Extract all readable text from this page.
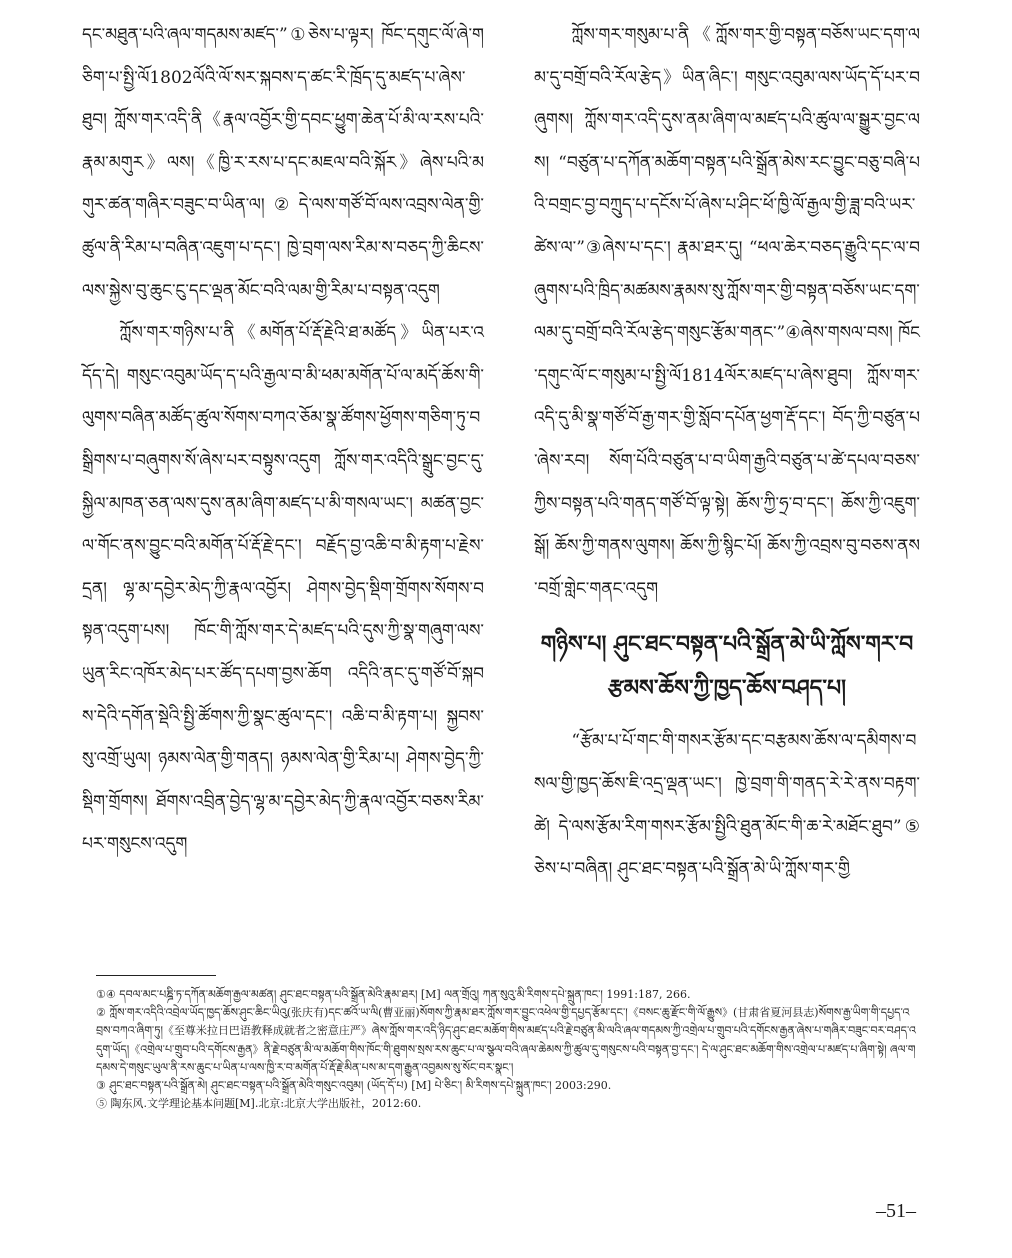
དང་མཐུན་པའི་ཞལ་གདམས་མཛད་”①ཅེས་པ་ལྟར། ཁོང་དགུང་ལོ་ཞེ་གཅིག་པ་སྤྱི་ལོ1802ལོའི་ལོ་སར་སྐབས་ད་ཚང་རི་ཁྲོད་དུ་མཛད་པ་ཞེས་ཐུབ། ཀློས་གར་འདི་ནི《རྣལ་འབྱོར་གྱི་དབང་ཕྱུག་ཆེན་པོ་མི་ལ་རས་པའི་རྣམ་མགུར》ལས།《ཁྱི་ར་རས་པ་དང་མཇལ་བའི་སྐོར》ཞེས་པའི་མགུར་ཚན་གཞིར་བཟུང་བ་ཡིན་ལ།②དེ་ལས་གཙོ་བོ་ལས་འབྲས་ལེན་གྱི་ཚུལ་ནི་རིམ་པ་བཞིན་འཇུག་པ་དང་། ཁྱེ་བྲག་ལས་རིམ་ས་བཅད་ཀྱི་ཆིངས་ལས་སྐྱེས་བུ་ཆུང་ངུ་དང་ལྡན་མོང་བའི་ལམ་གྱི་རིམ་པ་བསྟན་འདུག

ཀློས་གར་གཉིས་པ་ནི《མགོན་པོ་རྡོ་རྗེའི་ཐ་མཚོད》ཡིན་པར་འདོད་དེ། གསུང་འབུམ་ཡོད་ད་པའི་རྒྱལ་བ་མི་ཕམ་མགོན་པོ་ལ་མདོ་ཆོས་གི་ལུགས་བཞིན་མཚོད་ཚུལ་སོགས་བཀའ་ཅོམ་སྣ་ཚོགས་ཕྱོགས་གཅིག་ཏུ་བསྒྲིགས་པ་བཞུགས་སོ་ཞེས་པར་བསྟུས་འདུག ཀློས་གར་འདིའི་སྒྲུང་བྱང་དུ་སྐྱིལ་མཁན་ཅན་ལས་དུས་ནམ་ཞིག་མཛད་པ་མི་གསལ་ཡང་། མཚན་བྱང་ལ་གོང་ནས་བྱུང་བའི་མགོན་པོ་རྡོ་རྗེ་དང་། བརྗོད་བྱ་འཆི་བ་མི་རྟག་པ་རྗེས་དྲན། ལྷ་མ་དབྱེར་མེད་ཀྱི་རྣལ་འབྱོར། ཤེགས་བྱེད་སྡིག་གྲོགས་སོགས་བསྟན་འདུག་པས། ཁོང་གི་ཀློས་གར་དེ་མཛད་པའི་དུས་ཀྱི་སྣ་གཞུག་ལས་ཡུན་རིང་འཁོར་མེད་པར་ཚོད་དཔག་བྱས་ཆོག འདིའི་ནང་དུ་གཙོ་བོ་སྐབས་དེའི་དགོན་སྡེའི་སྤྱི་ཚོགས་ཀྱི་སྣང་ཚུལ་དང་། འཆི་བ་མི་རྟག་པ། སྐྱབས་སུ་འགྲོ་ཡུལ། ཉམས་ལེན་གྱི་གནད། ཉམས་ལེན་གྱི་རིམ་པ། ཤེགས་བྱེད་ཀྱི་སྡིག་གྲོགས། ཐོགས་འབྲིན་བྱེད་ལྷ་མ་དབྱེར་མེད་ཀྱི་རྣལ་འབྱོར་བཅས་རིམ་པར་གསུངས་འདུག

ཀློས་གར་གསུམ་པ་ནི《ཀློས་གར་གྱི་བསྟན་བཅོས་ཡང་དག་ལམ་དུ་བགྲོ་བའི་རོལ་རྩེད》ཡིན་ཞིང་། གསུང་འབུམ་ལས་ཡོད་དོ་པར་བཞུགས། ཀློས་གར་འདི་དུས་ནམ་ཞིག་ལ་མཛད་པའི་ཚུལ་ལ་སྒྱུར་བྱང་ལས། “བཙུན་པ་དཀོན་མཆོག་བསྟན་པའི་སྒྲོན་མེས་རང་བྱུང་བཅུ་བཞི་པའི་བགྲང་བྱ་བཀྲུད་པ་དངོས་པོ་ཞེས་པ་ཤིང་ཕོ་ཁྱི་ལོ་རྒྱལ་གྱི་ཟླ་བའི་ཡར་ཚེས་ལ་”③ཞེས་པ་དང་། རྣམ་ཐར་དུ། “ཕལ་ཆེར་བཅད་རྒྱུའི་དང་ལ་བཞུགས་པའི་ཁྲིད་མཚམས་རྣམས་སུ་ཀློས་གར་གྱི་བསྟན་བཅོས་ཡང་དག་ལམ་དུ་བགྲོ་བའི་རོལ་རྩེད་གསུང་རྩོམ་གནང་”④ཞེས་གསལ་བས། ཁོང་དགུང་ལོ་ང་གསུམ་པ་སྤྱི་ལོ1814ལོར་མཛད་པ་ཞེས་ཐུབ། ཀློས་གར་འདི་དུ་མི་སྣ་གཙོ་བོ་རྒྱ་གར་གྱི་སློབ་དཔོན་ཕྱག་རྡོ་དང་། བོད་ཀྱི་བཙུན་པ་ཞེས་རབ། སོག་པོའི་བཙུན་པ་བ་ཡིག་རྒྱའི་བཙུན་པ་ཚེ་དཔལ་བཅས་ཀྱིས་བསྟན་པའི་གནད་གཙོ་བོ་ལྟ་སྟེ། ཆོས་ཀྱི་ཧྲ་བ་དང་། ཆོས་ཀྱི་འཇུག་སྒོ། ཆོས་ཀྱི་གནས་ལུགས། ཆོས་ཀྱི་སྙིང་པོ། ཆོས་ཀྱི་འབྲས་བུ་བཅས་ནས་བགྲོ་གླེང་གནང་འདུག

གཉིས་པ། ཤུང་ཐང་བསྟན་པའི་སྒྲོན་མེ་ཡི་ཀློས་གར་བརྩམས་ཆོས་ཀྱི་ཁྱད་ཆོས་བཤད་པ།

“རྩོམ་པ་པོ་གང་གི་གསར་རྩོམ་དང་བརྩམས་ཆོས་ལ་དམིགས་བསལ་གྱི་ཁྱད་ཆོས་ཇི་འདྲ་ལྡན་ཡང་། ཁྱེ་བྲག་གི་གནད་རེ་རེ་ནས་བརྟག་ཚེ། དེ་ལས་རྩོམ་རིག་གསར་རྩོམ་སྤྱིའི་ཐུན་མོང་གི་ཆ་རེ་མཐོང་ཐུབ”⑤ཅེས་པ་བཞིན། ཤུང་ཐང་བསྟན་པའི་སྒྲོན་མེ་ཡི་ཀློས་གར་གྱི

①④ དབལ་མང་པཎྜི་ཏ་དཀོན་མཆོག་རྒྱལ་མཚན། ཤུང་ཐང་བསྟན་པའི་སྒྲོན་མེའི་རྣམ་ཐར། [M] ལན་གྲོའུ། ཀན་སུའུ་མི་རིགས་དཔེ་སྐྲུན་ཁང་། 1991:187, 266.

② ཀློས་གར་འདིའི་འབྲེལ་ཡོད་ཁྱད་ཆོས་ཤུང་ཆིང་ཡིའུ(张庆有)དང་ཚའོ་ཡ་ལི(曹亚丽)སོགས་ཀྱི་རྣམ་ཐར་ཀློས་གར་བྱུང་འཕེལ་གྱི་དཔྱད་རྩོམ་དང་།《བསང་ཆུ་རྫོང་གི་ལོ་རྒྱུས》(甘肃省夏河县志)སོགས་རྒྱ་ཡིག་གི་དཔྱད་འབྲས་བཀའ་ཞིག་ཏུ།《至尊米拉日巴语教释成就者之密意庄严》ཞེས་ཀློས་གར་འདི་ཉིད་ཤུང་ཐང་མཆོག་གིས་མཛད་པའི་རྗེ་བཙུན་མི་ལའི་ཞལ་གདམས་ཀྱི་འགྲེལ་པ་གྲུབ་པའི་དགོངས་རྒྱན་ཞེས་པ་གཞིར་བཟུང་བར་བཤད་འདུག་ཡོད།《འགྲེལ་པ་གྲུབ་པའི་དགོངས་རྒྱན》ནི་རྗེ་བཙུན་མི་ལ་མཆོག་གིས་ཁོང་གི་ཐུགས་སྲས་རས་ཆུང་པ་ལ་སྩལ་བའི་ཞལ་ཆེམས་ཀྱི་ཚུལ་དུ་གསུངས་པའི་བསྟན་བྱ་དང་། དེ་ལ་ཤུང་ཐང་མཆོག་གིས་འགྲེལ་པ་མཛད་པ་ཞིག་སྟེ། ཞལ་གདམས་དེ་གསུང་ཡུལ་ནི་རས་ཆུང་པ་ཡིན་པ་ལས་ཁྱི་ར་བ་མགོན་པོ་རྡོ་རྗེ་མིན་པས་མ་དག་རྒྱུན་འབྱམས་སུ་སོང་བར་སྣང་།

③ ཤུང་ཐང་བསྟན་པའི་སྒྲོན་མེ། ཤུང་ཐང་བསྟན་པའི་སྒྲོན་མེའི་གསུང་འབུམ། (ཡོད་དོ་པ) [M] པེ་ཅིང་། མི་རིགས་དཔེ་སྐྲུན་ཁང་། 2003:290.

⑤ 陶东风.文学理论基本问题[M].北京:北京大学出版社，2012:60.

–51–
